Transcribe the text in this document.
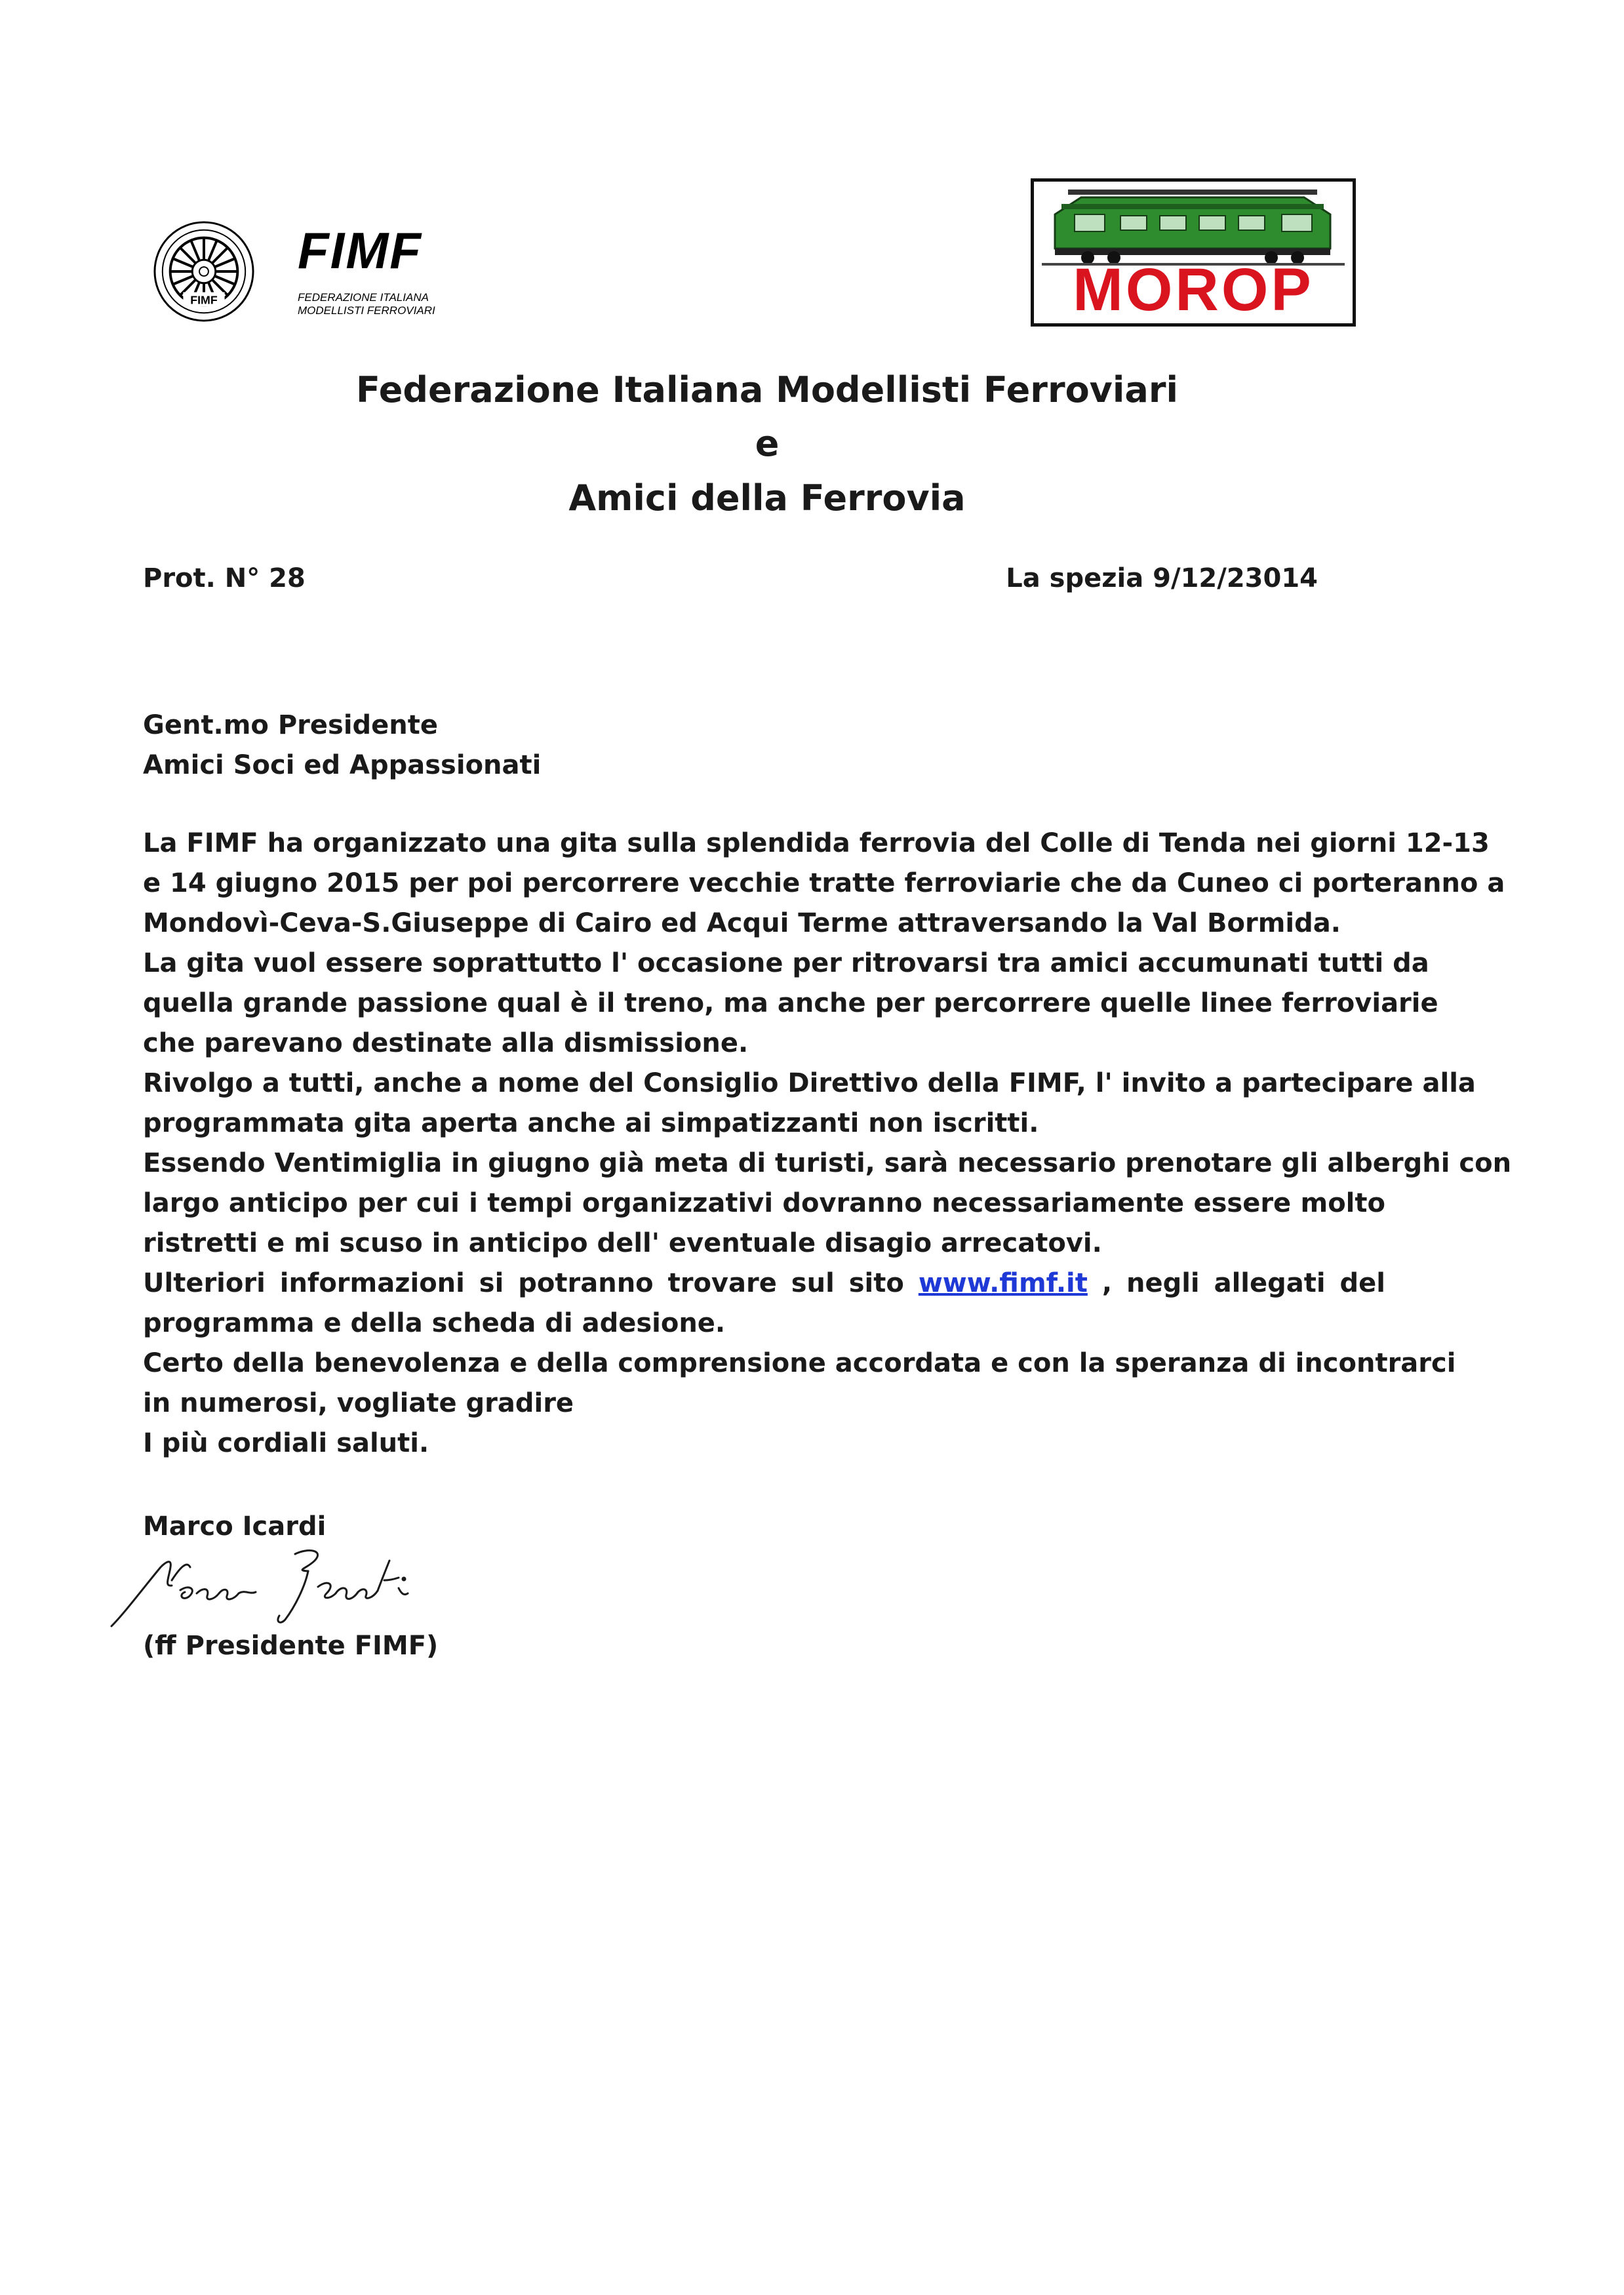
FIMF
FIMF
FEDERAZIONE ITALIANA
MODELLISTI FERROVIARI	MOROP
Federazione Italiana Modellisti Ferroviari
e
Amici della Ferrovia
Prot. N° 28	La spezia 9/12/23014
Gent.mo Presidente
Amici Soci ed Appassionati
La FIMF ha organizzato una gita sulla splendida ferrovia del Colle di Tenda nei giorni 12-13
e 14 giugno 2015 per poi percorrere vecchie tratte ferroviarie che da Cuneo ci porteranno a
Mondovì-Ceva-S.Giuseppe di Cairo ed Acqui Terme attraversando la Val Bormida.
La gita vuol essere soprattutto l' occasione per ritrovarsi tra amici accumunati tutti da
quella grande passione qual è il treno, ma anche per percorrere quelle linee ferroviarie
che parevano destinate alla dismissione.
Rivolgo a tutti, anche a nome del Consiglio Direttivo della FIMF, l' invito a partecipare alla
programmata gita aperta anche ai simpatizzanti non iscritti.
Essendo Ventimiglia in giugno già meta di turisti, sarà necessario prenotare gli alberghi con
largo anticipo per cui i tempi organizzativi dovranno necessariamente essere molto
ristretti e mi scuso in anticipo dell' eventuale disagio arrecatovi.
Ulteriori informazioni si potranno trovare sul sito www.fimf.it , negli allegati del
programma e della scheda di adesione.
Certo della benevolenza e della comprensione accordata e con la speranza di incontrarci
in numerosi, vogliate gradire
I più cordiali saluti.
Marco Icardi
(ff Presidente FIMF)
